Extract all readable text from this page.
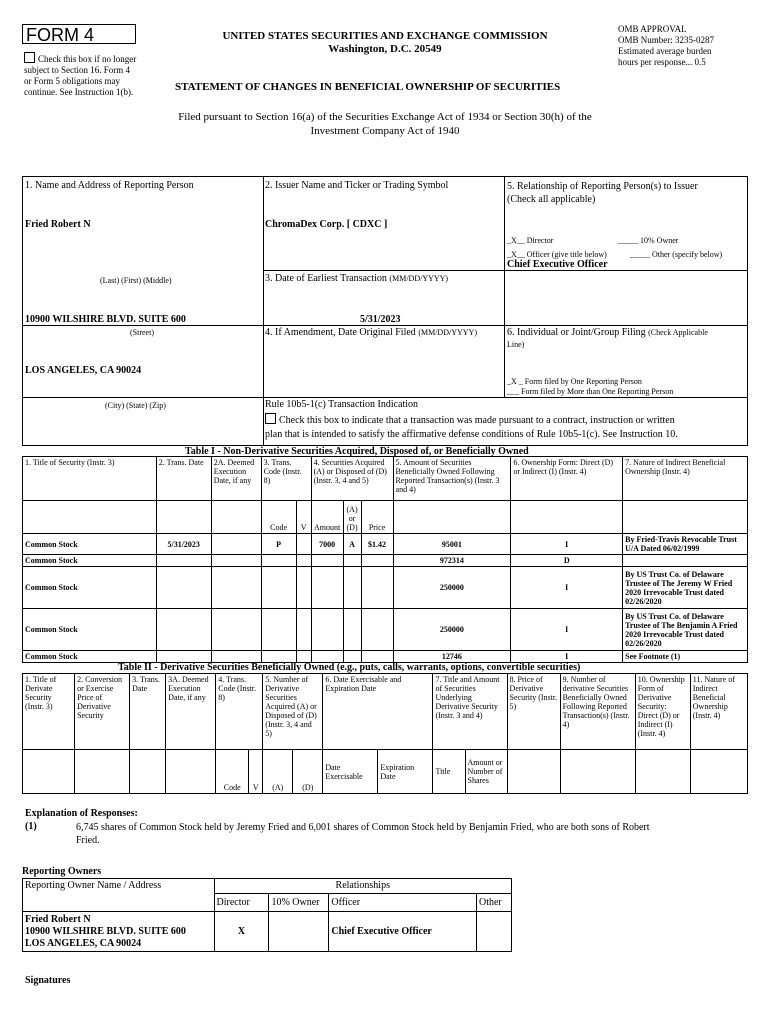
FORM 4
Check this box if no longer
subject to Section 16. Form 4
or Form 5 obligations may
continue. See Instruction 1(b).
UNITED STATES SECURITIES AND EXCHANGE COMMISSION
Washington, D.C. 20549
STATEMENT OF CHANGES IN BENEFICIAL OWNERSHIP OF SECURITIES
OMB APPROVAL
OMB Number: 3235-0287
Estimated average burden
hours per response... 0.5
Filed pursuant to Section 16(a) of the Securities Exchange Act of 1934 or Section 30(h) of the
Investment Company Act of 1940
1. Name and Address of Reporting Person
Fried Robert N
(Last) (First) (Middle)
10900 WILSHIRE BLVD. SUITE 600
(Street)
LOS ANGELES, CA 90024
(City) (State) (Zip)
2. Issuer Name and Ticker or Trading Symbol
ChromaDex Corp. [ CDXC ]
3. Date of Earliest Transaction (MM/DD/YYYY)
5/31/2023
4. If Amendment, Date Original Filed (MM/DD/YYYY)
5. Relationship of Reporting Person(s) to Issuer
(Check all applicable)
_X__ Director	_____ 10% Owner
_X__ Officer (give title below)	_____ Other (specify below)
Chief Executive Officer
6. Individual or Joint/Group Filing (Check Applicable
Line)
_X _ Form filed by One Reporting Person
___ Form filed by More than One Reporting Person
Rule 10b5-1(c) Transaction Indication
Check this box to indicate that a transaction was made pursuant to a contract, instruction or written
plan that is intended to satisfy the affirmative defense conditions of Rule 10b5-1(c). See Instruction 10.
Table I - Non-Derivative Securities Acquired, Disposed of, or Beneficially Owned
1. Title of Security (Instr. 3)	2. Trans. Date	2A. Deemed Execution Date, if any	3. Trans. Code (Instr. 8)		4. Securities Acquired (A) or Disposed of (D) (Instr. 3, 4 and 5)			5. Amount of Securities Beneficially Owned Following Reported Transaction(s) (Instr. 3 and 4)	6. Ownership Form: Direct (D) or Indirect (I) (Instr. 4)	7. Nature of Indirect Beneficial Ownership (Instr. 4)
			Code	V	Amount	(A) or (D)	Price			
Common Stock	5/31/2023		P		7000	A	$1.42	95001	I	By Fried-Travis Revocable Trust U/A Dated 06/02/1999
Common Stock								972314	D	
Common Stock								250000	I	By US Trust Co. of Delaware Trustee of The Jeremy W Fried 2020 Irrevocable Trust dated 02/26/2020
Common Stock								250000	I	By US Trust Co. of Delaware Trustee of The Benjamin A Fried 2020 Irrevocable Trust dated 02/26/2020
Common Stock								12746	I	See Footnote (1)
Table II - Derivative Securities Beneficially Owned (e.g., puts, calls, warrants, options, convertible securities)
1. Title of Derivate Security (Instr. 3)	2. Conversion or Exercise Price of Derivative Security	3. Trans. Date	3A. Deemed Execution Date, if any	4. Trans. Code (Instr. 8)		5. Number of Derivative Securities Acquired (A) or Disposed of (D) (Instr. 3, 4 and 5)		6. Date Exercisable and Expiration Date		7. Title and Amount of Securities Underlying Derivative Security (Instr. 3 and 4)		8. Price of Derivative Security (Instr. 5)	9. Number of derivative Securities Beneficially Owned Following Reported Transaction(s) (Instr. 4)	10. Ownership Form of Derivative Security: Direct (D) or Indirect (I) (Instr. 4)	11. Nature of Indirect Beneficial Ownership (Instr. 4)
				Code	V	(A)	(D)	Date Exercisable	Expiration Date	Title	Amount or Number of Shares				
Explanation of Responses:
(1)	6,745 shares of Common Stock held by Jeremy Fried and 6,001 shares of Common Stock held by Benjamin Fried, who are both sons of Robert
Fried.
Reporting Owners
Reporting Owner Name / Address	Relationships			
	Director	10% Owner	Officer	Other

Fried Robert N
10900 WILSHIRE BLVD. SUITE 600
LOS ANGELES, CA 90024	X		Chief Executive Officer	
Signatures
